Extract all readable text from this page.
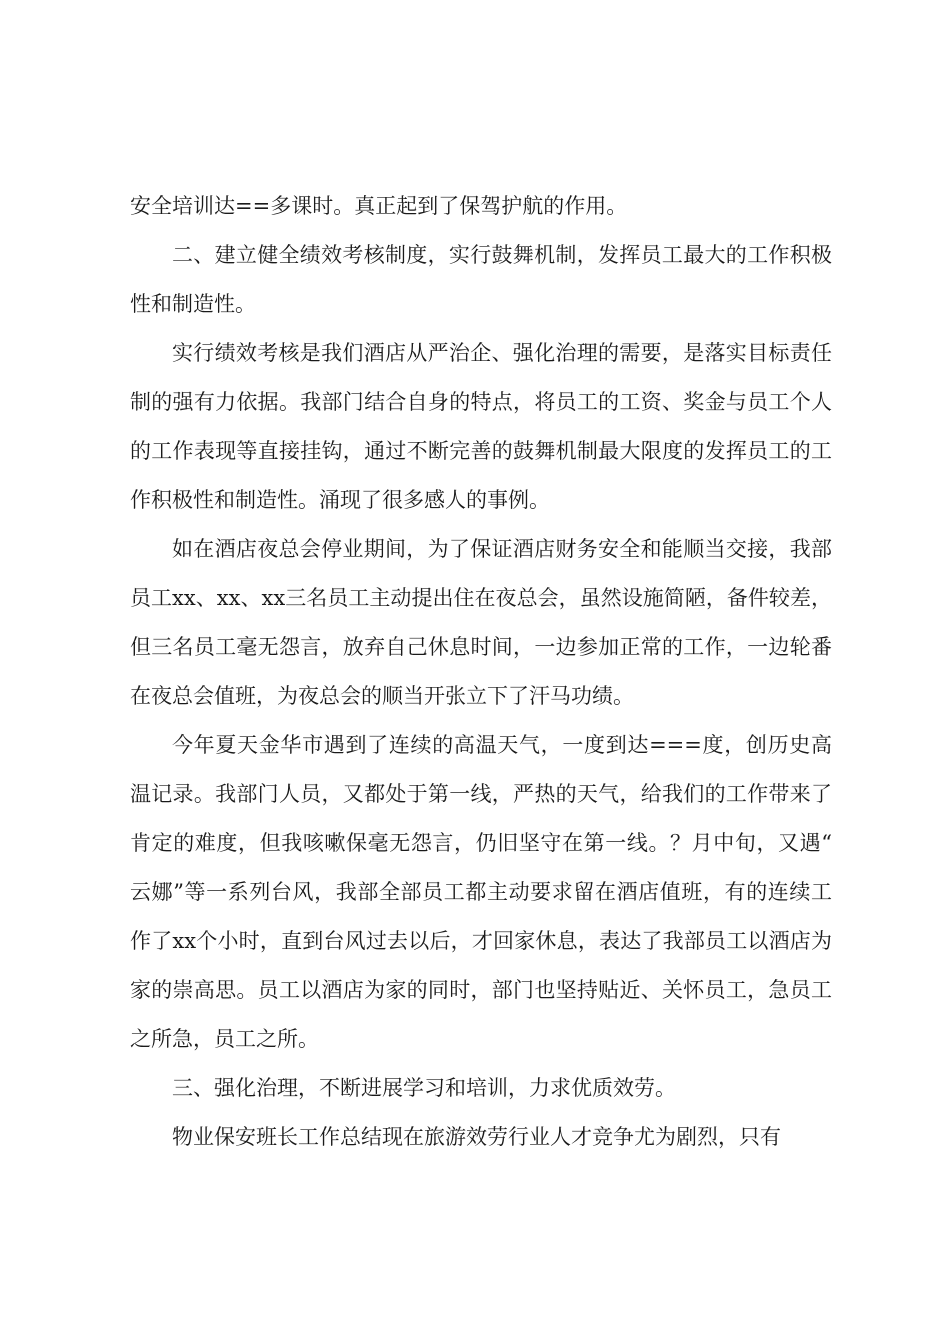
安全培训达==多课时。真正起到了保驾护航的作用。

二、建立健全绩效考核制度，实行鼓舞机制，发挥员工最大的工作积极性和制造性。

实行绩效考核是我们酒店从严治企、强化治理的需要，是落实目标责任制的强有力依据。我部门结合自身的特点，将员工的工资、奖金与员工个人的工作表现等直接挂钩，通过不断完善的鼓舞机制最大限度的发挥员工的工作积极性和制造性。涌现了很多感人的事例。

如在酒店夜总会停业期间，为了保证酒店财务安全和能顺当交接，我部员工xx、xx、xx三名员工主动提出住在夜总会，虽然设施简陋，备件较差，但三名员工毫无怨言，放弃自己休息时间，一边参加正常的工作，一边轮番在夜总会值班，为夜总会的顺当开张立下了汗马功绩。

今年夏天金华市遇到了连续的高温天气，一度到达===度，创历史高温记录。我部门人员，又都处于第一线，严热的天气，给我们的工作带来了肯定的难度，但我咳嗽保毫无怨言，仍旧坚守在第一线。？月中旬，又遇“云娜”等一系列台风，我部全部员工都主动要求留在酒店值班，有的连续工作了xx个小时，直到台风过去以后，才回家休息，表达了我部员工以酒店为家的崇高思。员工以酒店为家的同时，部门也坚持贴近、关怀员工，急员工之所急，员工之所。

三、强化治理，不断进展学习和培训，力求优质效劳。

物业保安班长工作总结现在旅游效劳行业人才竞争尤为剧烈，只有
